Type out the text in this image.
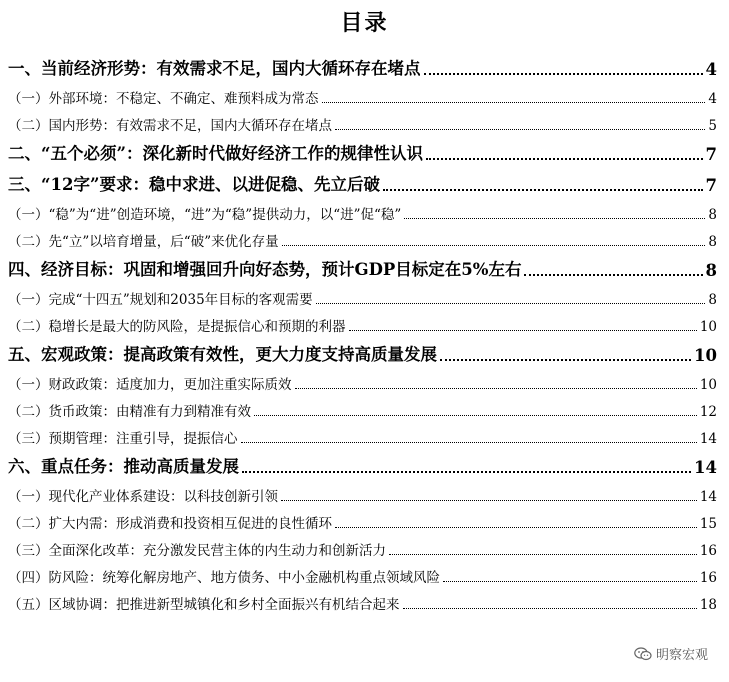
目录
一、当前经济形势：有效需求不足，国内大循环存在堵点	4
（一）外部环境：不稳定、不确定、难预料成为常态	4
（二）国内形势：有效需求不足，国内大循环存在堵点	5
二、“五个必须”：深化新时代做好经济工作的规律性认识	7
三、“12字”要求：稳中求进、以进促稳、先立后破	7
（一）“稳”为“进”创造环境，“进”为“稳”提供动力，以“进”促“稳”	8
（二）先“立”以培育增量，后“破”来优化存量	8
四、经济目标：巩固和增强回升向好态势，预计GDP目标定在5%左右	8
（一）完成“十四五”规划和2035年目标的客观需要	8
（二）稳增长是最大的防风险，是提振信心和预期的利器	10
五、宏观政策：提高政策有效性，更大力度支持高质量发展	10
（一）财政政策：适度加力，更加注重实际质效	10
（二）货币政策：由精准有力到精准有效	12
（三）预期管理：注重引导，提振信心	14
六、重点任务：推动高质量发展	14
（一）现代化产业体系建设：以科技创新引领	14
（二）扩大内需：形成消费和投资相互促进的良性循环	15
（三）全面深化改革：充分激发民营主体的内生动力和创新活力	16
（四）防风险：统筹化解房地产、地方债务、中小金融机构重点领域风险	16
（五）区域协调：把推进新型城镇化和乡村全面振兴有机结合起来	18
明察宏观
